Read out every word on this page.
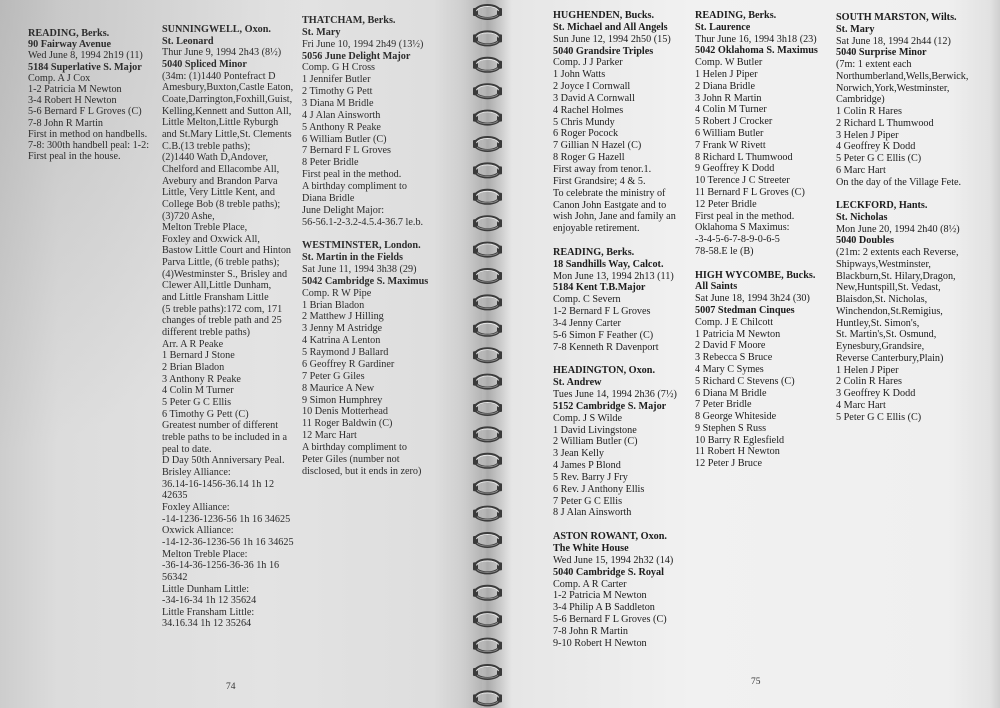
READING, Berks.
90 Fairway Avenue
Wed June 8, 1994 2h19 (11)
5184 Superlative S. Major
Comp. A J Cox
1-2 Patricia M Newton
3-4 Robert H Newton
5-6 Bernard F L Groves (C)
7-8 John R Martin
First in method on handbells.
7-8: 300th handbell peal: 1-2:
First peal in the house.
SUNNINGWELL, Oxon.
St. Leonard
Thur June 9, 1994 2h43 (8½)
5040 Spliced Minor
(34m: (1)1440 Pontefract D
Amesbury,Buxton,Castle Eaton,
Coate,Darrington,Foxhill,Guist,
Kelling,Kennett and Sutton All,
Little Melton,Little Ryburgh
and St.Mary Little,St. Clements
C.B.(13 treble paths);
(2)1440 Wath D,Andover,
Chelford and Ellacombe All,
Avebury and Brandon Parva
Little, Very Little Kent, and
College Bob (8 treble paths);
(3)720 Ashe,
Melton Treble Place,
Foxley and Oxwick All,
Bastow Little Court and Hinton
Parva Little, (6 treble paths);
(4)Westminster S., Brisley and
Clewer All,Little Dunham,
and Little Fransham Little
(5 treble paths):172 com, 171
changes of treble path and 25
different treble paths)
Arr. A R Peake
1 Bernard J Stone
2 Brian Bladon
3 Anthony R Peake
4 Colin M Turner
5 Peter G C Ellis
6 Timothy G Pett (C)
Greatest number of different
treble paths to be included in a
peal to date.
D Day 50th Anniversary Peal.
Brisley Alliance:
36.14-16-1456-36.14 1h 12
42635
Foxley Alliance:
-14-1236-1236-56 1h 16 34625
Oxwick Alliance:
-14-12-36-1236-56 1h 16 34625
Melton Treble Place:
-36-14-36-1256-36-36 1h 16
56342
Little Dunham Little:
-34-16-34 1h 12 35624
Little Fransham Little:
34.16.34 1h 12 35264
THATCHAM, Berks.
St. Mary
Fri June 10, 1994 2h49 (13½)
5056 June Delight Major
Comp. G H Cross
1 Jennifer Butler
2 Timothy G Pett
3 Diana M Bridle
4 J Alan Ainsworth
5 Anthony R Peake
6 William Butler (C)
7 Bernard F L Groves
8 Peter Bridle
First peal in the method.
A birthday compliment to
Diana Bridle
June Delight Major:
56-56.1-2-3.2-4.5.4-36.7 le.b.
WESTMINSTER, London.
St. Martin in the Fields
Sat June 11, 1994 3h38 (29)
5042 Cambridge S. Maximus
Comp. R W Pipe
1 Brian Bladon
2 Matthew J Hilling
3 Jenny M Astridge
4 Katrina A Lenton
5 Raymond J Ballard
6 Geoffrey R Gardiner
7 Peter G Giles
8 Maurice A New
9 Simon Humphrey
10 Denis Motterhead
11 Roger Baldwin (C)
12 Marc Hart
A birthday compliment to
Peter Giles (number not
disclosed, but it ends in zero)
74
HUGHENDEN, Bucks.
St. Michael and All Angels
Sun June 12, 1994 2h50 (15)
5040 Grandsire Triples
Comp. J J Parker
1 John Watts
2 Joyce I Cornwall
3 David A Cornwall
4 Rachel Holmes
5 Chris Mundy
6 Roger Pocock
7 Gillian N Hazel (C)
8 Roger G Hazell
First away from tenor.1.
First Grandsire; 4 & 5.
To celebrate the ministry of
Canon John Eastgate and to
wish John, Jane and family an
enjoyable retirement.
READING, Berks.
18 Sandhills Way, Calcot.
Mon June 13, 1994 2h13 (11)
5184 Kent T.B.Major
Comp. C Severn
1-2 Bernard F L Groves
3-4 Jenny Carter
5-6 Simon F Feather (C)
7-8 Kenneth R Davenport
HEADINGTON, Oxon.
St. Andrew
Tues June 14, 1994 2h36 (7½)
5152 Cambridge S. Major
Comp. J S Wilde
1 David Livingstone
2 William Butler (C)
3 Jean Kelly
4 James P Blond
5 Rev. Barry J Fry
6 Rev. J Anthony Ellis
7 Peter G C Ellis
8 J Alan Ainsworth
ASTON ROWANT, Oxon.
The White House
Wed June 15, 1994 2h32 (14)
5040 Cambridge S. Royal
Comp. A R Carter
1-2 Patricia M Newton
3-4 Philip A B Saddleton
5-6 Bernard F L Groves (C)
7-8 John R Martin
9-10 Robert H Newton
READING, Berks.
St. Laurence
Thur June 16, 1994 3h18 (23)
5042 Oklahoma S. Maximus
Comp. W Butler
1 Helen J Piper
2 Diana Bridle
3 John R Martin
4 Colin M Turner
5 Robert J Crocker
6 William Butler
7 Frank W Rivett
8 Richard L Thumwood
9 Geoffrey K Dodd
10 Terence J C Streeter
11 Bernard F L Groves (C)
12 Peter Bridle
First peal in the method.
Oklahoma S Maximus:
-3-4-5-6-7-8-9-0-6-5
78-58.E le (B)
HIGH WYCOMBE, Bucks.
All Saints
Sat June 18, 1994 3h24 (30)
5007 Stedman Cinques
Comp. J E Chilcott
1 Patricia M Newton
2 David F Moore
3 Rebecca S Bruce
4 Mary C Symes
5 Richard C Stevens (C)
6 Diana M Bridle
7 Peter Bridle
8 George Whiteside
9 Stephen S Russ
10 Barry R Eglesfield
11 Robert H Newton
12 Peter J Bruce
SOUTH MARSTON, Wilts.
St. Mary
Sat June 18, 1994 2h44 (12)
5040 Surprise Minor
(7m: 1 extent each
Northumberland,Wells,Berwick,
Norwich,York,Westminster,
Cambridge)
1 Colin R Hares
2 Richard L Thumwood
3 Helen J Piper
4 Geoffrey K Dodd
5 Peter G C Ellis (C)
6 Marc Hart
On the day of the Village Fete.
LECKFORD, Hants.
St. Nicholas
Mon June 20, 1994 2h40 (8½)
5040 Doubles
(21m: 2 extents each Reverse,
Shipways,Westminster,
Blackburn,St. Hilary,Dragon,
New,Huntspill,St. Vedast,
Blaisdon,St. Nicholas,
Winchendon,St.Remigius,
Huntley,St. Simon's,
St. Martin's,St. Osmund,
Eynesbury,Grandsire,
Reverse Canterbury,Plain)
1 Helen J Piper
2 Colin R Hares
3 Geoffrey K Dodd
4 Marc Hart
5 Peter G C Ellis (C)
75
